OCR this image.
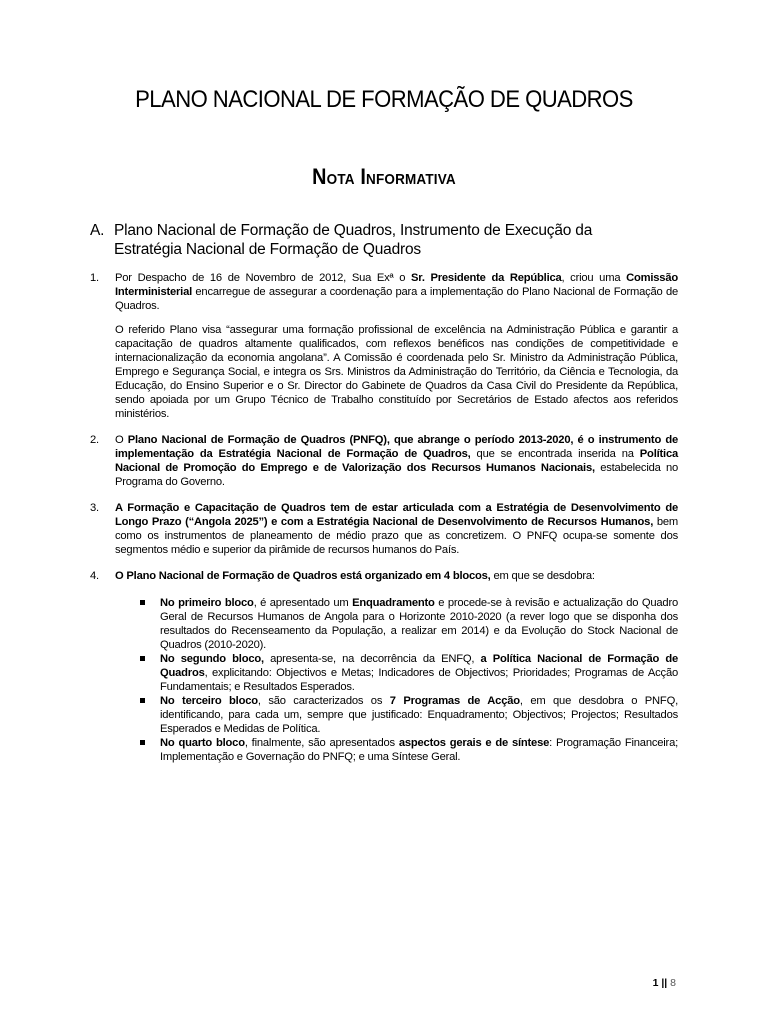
PLANO NACIONAL DE FORMAÇÃO DE QUADROS
Nota Informativa
A. Plano Nacional de Formação de Quadros, Instrumento de Execução da Estratégia Nacional de Formação de Quadros
1. Por Despacho de 16 de Novembro de 2012, Sua Exª o Sr. Presidente da República, criou uma Comissão Interministerial encarregue de assegurar a coordenação para a implementação do Plano Nacional de Formação de Quadros.

O referido Plano visa “assegurar uma formação profissional de excelência na Administração Pública e garantir a capacitação de quadros altamente qualificados, com reflexos benéficos nas condições de competitividade e internacionalização da economia angolana”. A Comissão é coordenada pelo Sr. Ministro da Administração Pública, Emprego e Segurança Social, e integra os Srs. Ministros da Administração do Território, da Ciência e Tecnologia, da Educação, do Ensino Superior e o Sr. Director do Gabinete de Quadros da Casa Civil do Presidente da República, sendo apoiada por um Grupo Técnico de Trabalho constituído por Secretários de Estado afectos aos referidos ministérios.

2. O Plano Nacional de Formação de Quadros (PNFQ), que abrange o período 2013-2020, é o instrumento de implementação da Estratégia Nacional de Formação de Quadros, que se encontrada inserida na Política Nacional de Promoção do Emprego e de Valorização dos Recursos Humanos Nacionais, estabelecida no Programa do Governo.

3. A Formação e Capacitação de Quadros tem de estar articulada com a Estratégia de Desenvolvimento de Longo Prazo (“Angola 2025”) e com a Estratégia Nacional de Desenvolvimento de Recursos Humanos, bem como os instrumentos de planeamento de médio prazo que as concretizem. O PNFQ ocupa-se somente dos segmentos médio e superior da pirâmide de recursos humanos do País.

4. O Plano Nacional de Formação de Quadros está organizado em 4 blocos, em que se desdobra:

No primeiro bloco, é apresentado um Enquadramento e procede-se à revisão e actualização do Quadro Geral de Recursos Humanos de Angola para o Horizonte 2010-2020 (a rever logo que se disponha dos resultados do Recenseamento da População, a realizar em 2014) e da Evolução do Stock Nacional de Quadros (2010-2020).
No segundo bloco, apresenta-se, na decorrência da ENFQ, a Política Nacional de Formação de Quadros, explicitando: Objectivos e Metas; Indicadores de Objectivos; Prioridades; Programas de Acção Fundamentais; e Resultados Esperados.
No terceiro bloco, são caracterizados os 7 Programas de Acção, em que desdobra o PNFQ, identificando, para cada um, sempre que justificado: Enquadramento; Objectivos; Projectos; Resultados Esperados e Medidas de Política.
No quarto bloco, finalmente, são apresentados aspectos gerais e de síntese: Programação Financeira; Implementação e Governação do PNFQ; e uma Síntese Geral.
1 || 8
